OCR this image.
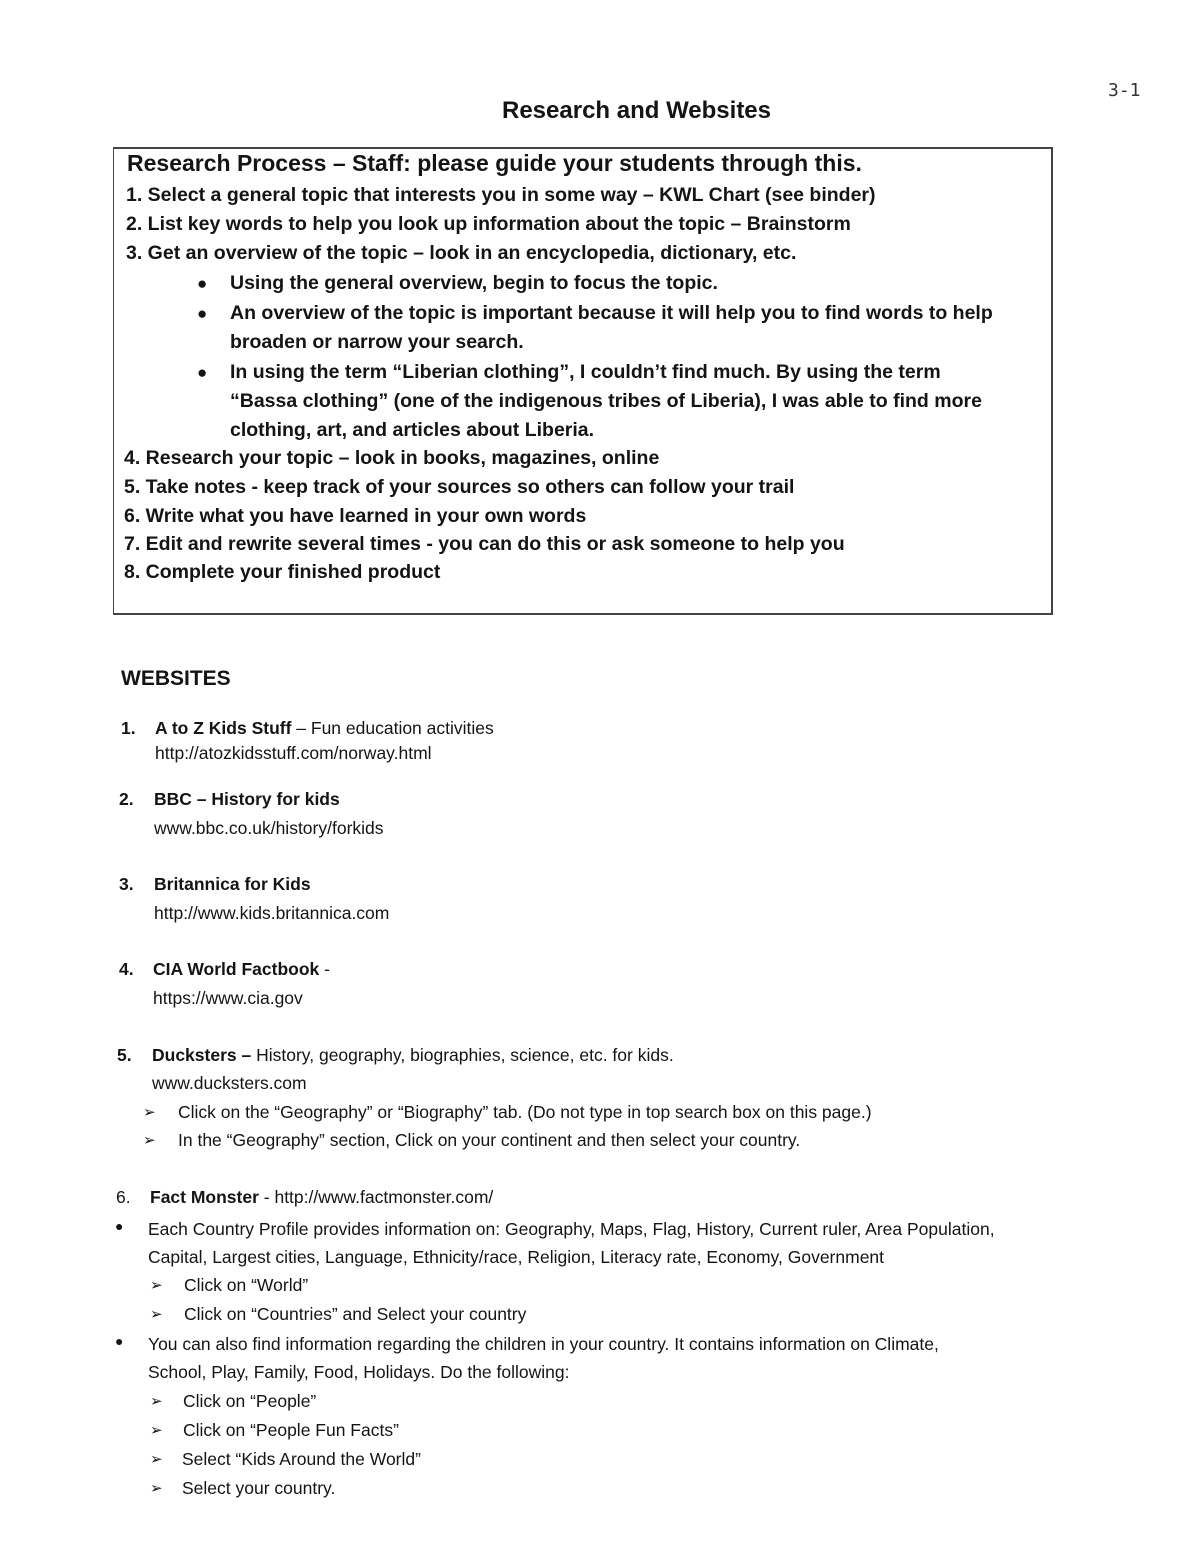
3-1
Research and Websites
Research Process – Staff: please guide your students through this.
1. Select a general topic that interests you in some way – KWL Chart (see binder)
2. List key words to help you look up information about the topic – Brainstorm
3. Get an overview of the topic – look in an encyclopedia, dictionary, etc.
● Using the general overview, begin to focus the topic.
● An overview of the topic is important because it will help you to find words to help
broaden or narrow your search.
● In using the term “Liberian clothing”, I couldn’t find much. By using the term
“Bassa clothing” (one of the indigenous tribes of Liberia), I was able to find more
clothing, art, and articles about Liberia.
4. Research your topic – look in books, magazines, online
5. Take notes - keep track of your sources so others can follow your trail
6. Write what you have learned in your own words
7. Edit and rewrite several times - you can do this or ask someone to help you
8. Complete your finished product
WEBSITES
1. A to Z Kids Stuff – Fun education activities
http://atozkidsstuff.com/norway.html
2. BBC – History for kids
www.bbc.co.uk/history/forkids
3. Britannica for Kids
http://www.kids.britannica.com
4. CIA World Factbook -
https://www.cia.gov
5. Ducksters – History, geography, biographies, science, etc. for kids.
www.ducksters.com
➢ Click on the “Geography” or “Biography” tab. (Do not type in top search box on this page.)
➢ In the “Geography” section, Click on your continent and then select your country.
6. Fact Monster - http://www.factmonster.com/
● Each Country Profile provides information on: Geography, Maps, Flag, History, Current ruler, Area Population,
Capital, Largest cities, Language, Ethnicity/race, Religion, Literacy rate, Economy, Government
➢ Click on “World”
➢ Click on “Countries” and Select your country
● You can also find information regarding the children in your country. It contains information on Climate,
School, Play, Family, Food, Holidays. Do the following:
➢ Click on “People”
➢ Click on “People Fun Facts”
➢ Select “Kids Around the World”
➢ Select your country.
